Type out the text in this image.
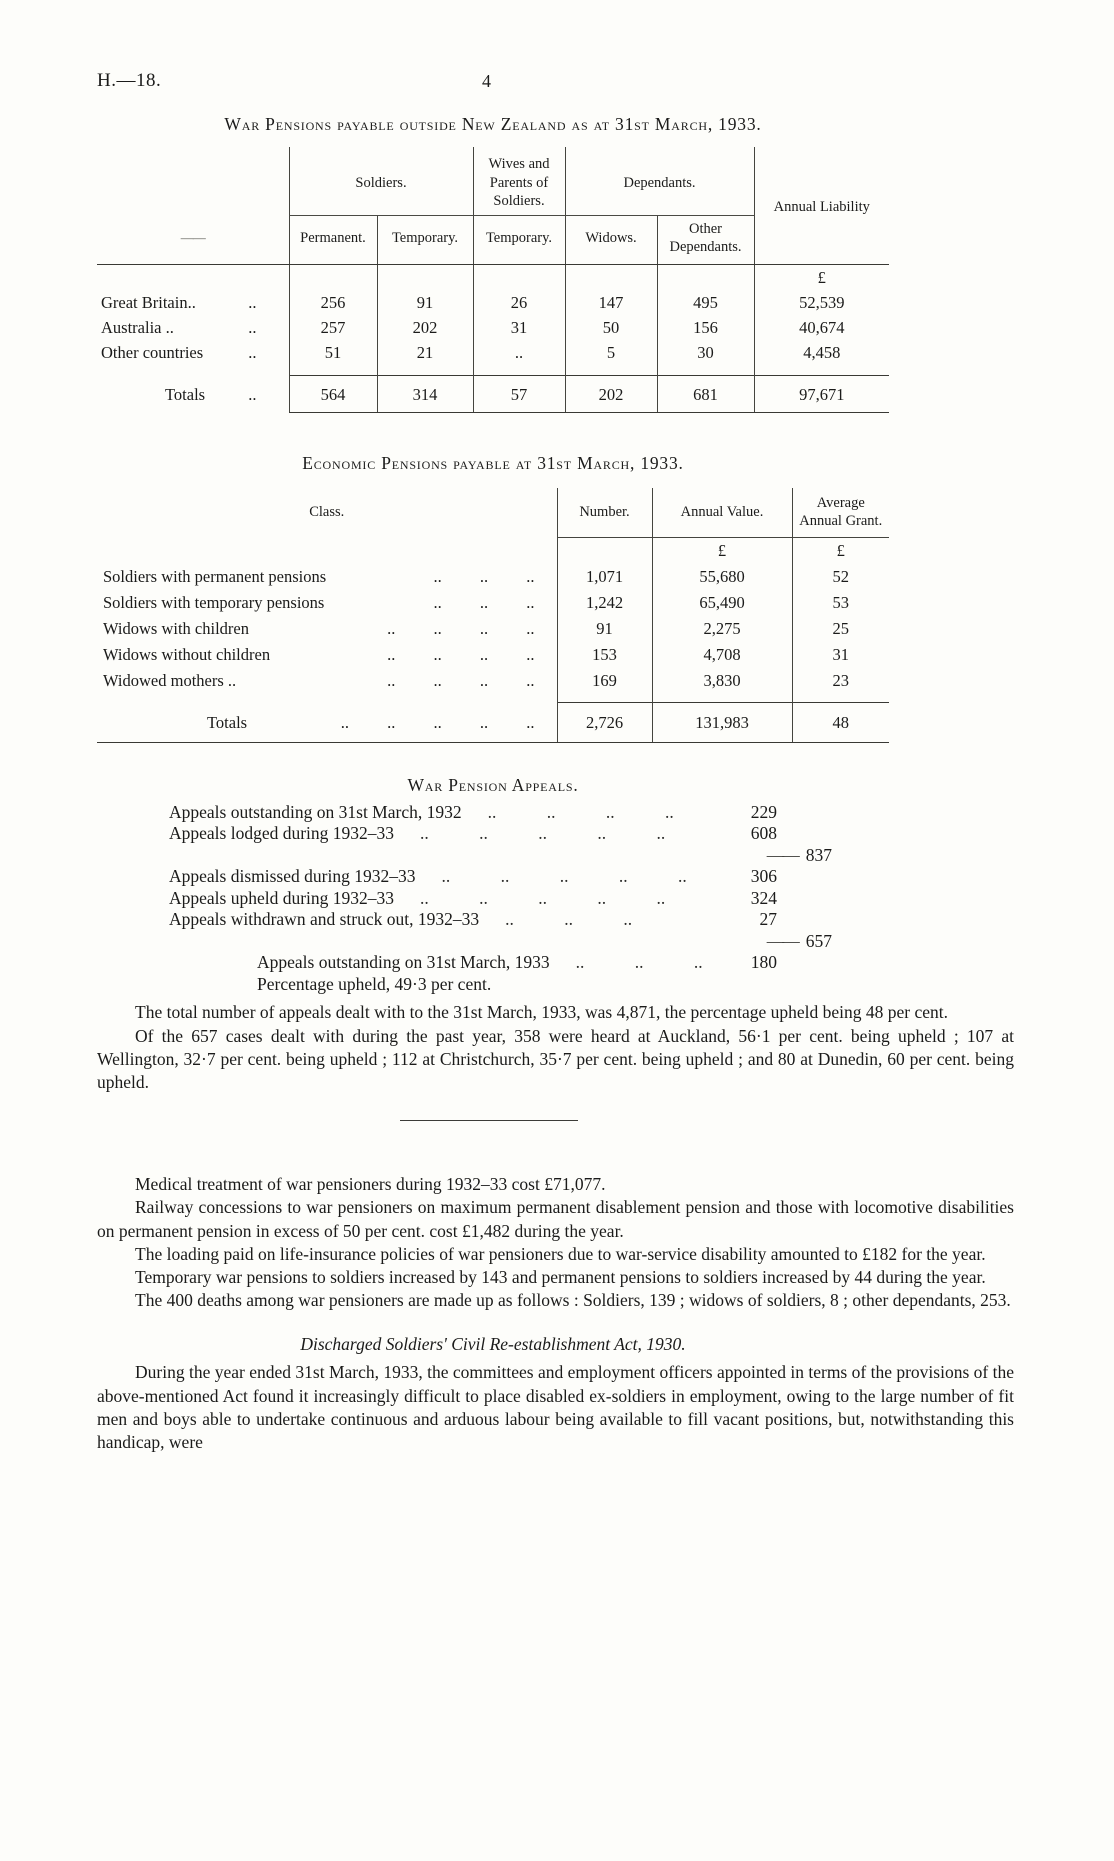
H.—18.	4
War Pensions payable outside New Zealand as at 31st March, 1933.
	Soldiers.		Wives and Parents of Soldiers.	Dependants.		Annual Liability
——	Permanent.	Temporary.	Temporary.	Widows.	Other Dependants.	
						£

Great Britain.. ..	256	91	26	147	495	52,539

Australia .. ..	257	202	31	50	156	40,674

Other countries ..	51	21	..	5	30	4,458

Totals ..	564	314	57	202	681	97,671
Economic Pensions payable at 31st March, 1933.
Class.	Number.	Annual Value.	Average Annual Grant.
		£	£

Soldiers with permanent pensions .. .. ..	1,071	55,680	52

Soldiers with temporary pensions .. .. ..	1,242	65,490	53

Widows with children .. .. .. ..	91	2,275	25

Widows without children .. .. .. ..	153	4,708	31

Widowed mothers .. .. .. .. ..	169	3,830	23

Totals .. .. .. .. ..	2,726	131,983	48
War Pension Appeals.
Appeals outstanding on 31st March, 1932	.. .. .. ..	229
Appeals lodged during 1932–33	.. .. .. .. ..	608
—— 837
Appeals dismissed during 1932–33	.. .. .. .. ..	306
Appeals upheld during 1932–33	.. .. .. .. ..	324
Appeals withdrawn and struck out, 1932–33	.. .. ..	27
—— 657
Appeals outstanding on 31st March, 1933	.. .. ..	180
Percentage upheld, 49·3 per cent.

The total number of appeals dealt with to the 31st March, 1933, was 4,871, the percentage upheld being 48 per cent.

Of the 657 cases dealt with during the past year, 358 were heard at Auckland, 56·1 per cent. being upheld ; 107 at Wellington, 32·7 per cent. being upheld ; 112 at Christchurch, 35·7 per cent. being upheld ; and 80 at Dunedin, 60 per cent. being upheld.

Medical treatment of war pensioners during 1932–33 cost £71,077.

Railway concessions to war pensioners on maximum permanent disablement pension and those with locomotive disabilities on permanent pension in excess of 50 per cent. cost £1,482 during the year.

The loading paid on life-insurance policies of war pensioners due to war-service disability amounted to £182 for the year.

Temporary war pensions to soldiers increased by 143 and permanent pensions to soldiers increased by 44 during the year.

The 400 deaths among war pensioners are made up as follows : Soldiers, 139 ; widows of soldiers, 8 ; other dependants, 253.

Discharged Soldiers' Civil Re-establishment Act, 1930.

During the year ended 31st March, 1933, the committees and employment officers appointed in terms of the provisions of the above-mentioned Act found it increasingly difficult to place disabled ex-soldiers in employment, owing to the large number of fit men and boys able to undertake continuous and arduous labour being available to fill vacant positions, but, notwithstanding this handicap, were
